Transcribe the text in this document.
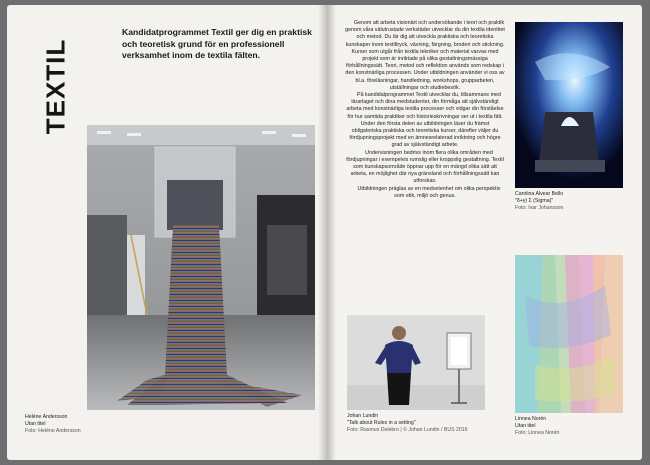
TEXTIL
Kandidatprogrammet Textil ger dig en praktisk och teoretisk grund för en professionell verksamhet inom de textila fälten.
Heléne Andersson
Utan titel
Foto: Heléne Andersson

Genom att arbeta visionärt och undersökande i teori och praktik genom våra välutrustade verkstäder utvecklar du din textila identitet och metod. Du lär dig att utveckla praktiska och teoretiska kunskaper inom textiltryck, vävning, färgning, broderi och stickning. Kurser som utgår från textila tekniker och material varvas med projekt som är inriktade på olika gestaltningsmässiga förhållningssätt. Teori, metod och reflektion används som redskap i den konstnärliga processen. Under utbildningen använder vi oss av bl.a. föreläsningar, handledning, workshops, grupparbeten, utställningar och studiebesök.

På kandidatprogrammet Textil utvecklar du, tillsammans med lärarlaget och dina medstudenter, din förmåga att självständigt arbeta med konstnärliga textila processer och vidgar din förståelse för hur samtida praktiker och historieskrivningar ser ut i textila fält. Under den första delen av utbildningen läser du främst obligatoriska praktiska och teoretiska kurser, därefter väljer du fördjupningsprojekt med en ämnesrelaterad inriktning och högre grad av självständigt arbete.

Undervisningen bedrivs inom flera olika områden med fördjupningar i exempelvis rumslig eller kroppslig gestaltning. Textil som kunskapsområde öppnar upp för en mängd olika sätt att arbeta, en möjlighet där nya gränsland och förhållningssätt kan utforskas.

Utbildningen präglas av en medvetenhet om olika perspektiv som etik, miljö och genus.	Carolina Alvear Bello
"δ+γ) Σ (Sigma)"
Foto: Ivar Johansson
Johan Lundin
"Talk about Rules in a setting"
Foto: Rasmus Delebro | © Johan Lundin / BUS 2016
Linnea Norén
Utan titel
Foto: Linnea Norén
